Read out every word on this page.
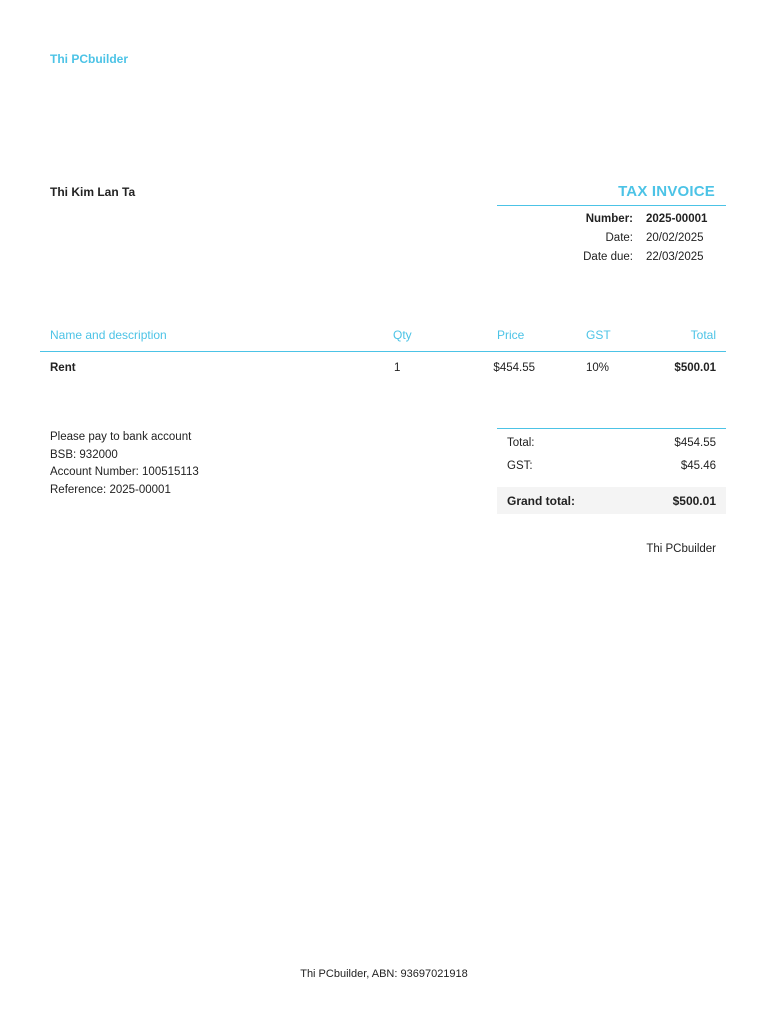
Thi PCbuilder
Thi Kim Lan Ta	TAX INVOICE
Number:	2025-00001
Date:	20/02/2025
Date due:	22/03/2025
Name and description	Qty	Price	GST	Total
Rent	1	$454.55	10%	$500.01
Please pay to bank account
BSB: 932000
Account Number: 100515113
Reference: 2025-00001
Total:	$454.55
GST:	$45.46
Grand total:	$500.01
Thi PCbuilder
Thi PCbuilder, ABN: 93697021918
